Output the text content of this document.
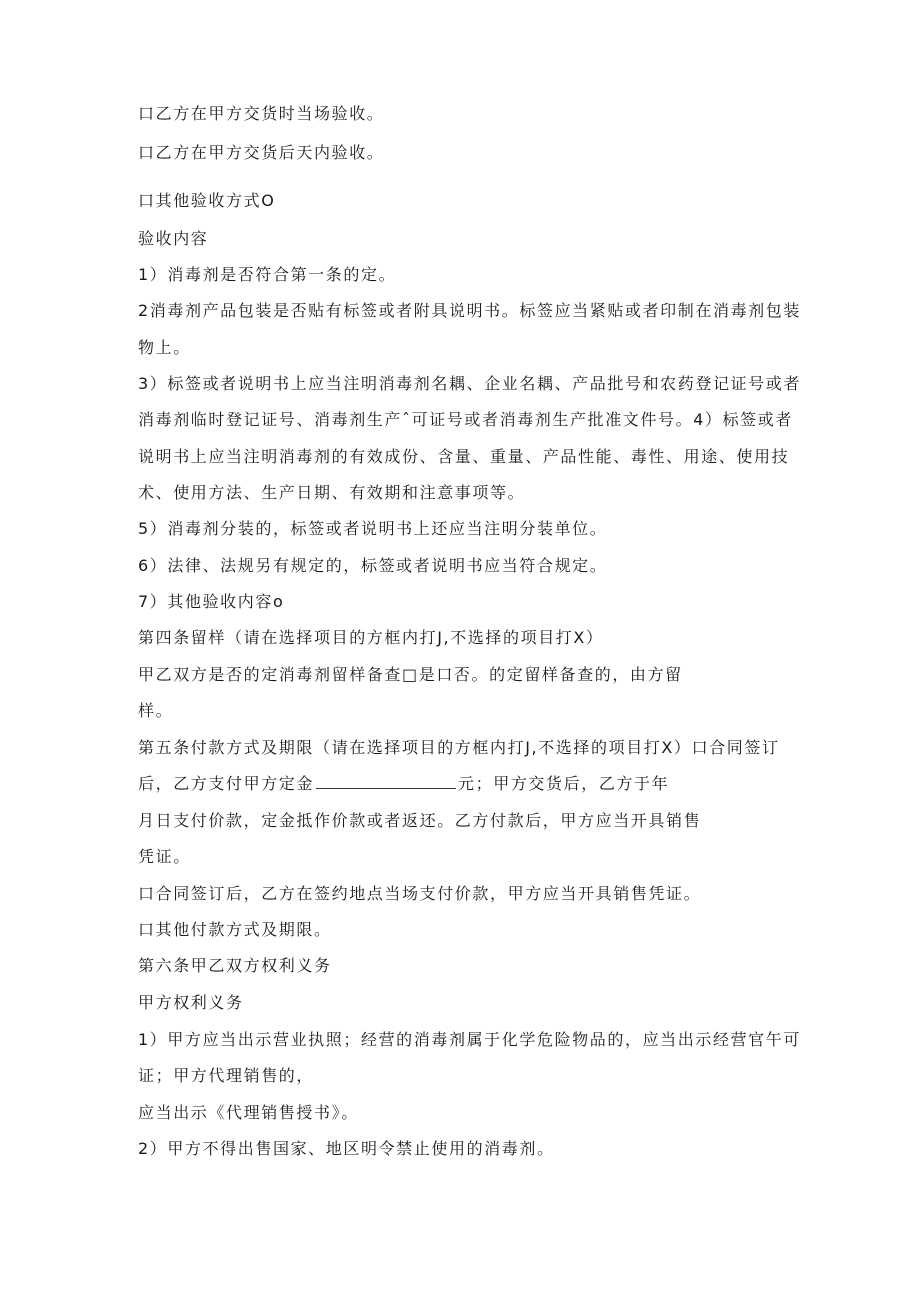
口乙方在甲方交货时当场验收。
口乙方在甲方交货后天内验收。
口其他验收方式O
验收内容
1）消毒剂是否符合第一条的定。
2消毒剂产品包装是否贴有标签或者附具说明书。标签应当紧贴或者印制在消毒剂包装
物上。
3）标签或者说明书上应当注明消毒剂名耦、企业名耦、产品批号和农药登记证号或者
消毒剂临时登记证号、消毒剂生产ˆ可证号或者消毒剂生产批准文件号。4）标签或者
说明书上应当注明消毒剂的有效成份、含量、重量、产品性能、毒性、用途、使用技
术、使用方法、生产日期、有效期和注意事项等。
5）消毒剂分装的，标签或者说明书上还应当注明分装单位。
6）法律、法规另有规定的，标签或者说明书应当符合规定。
7）其他验收内容o
第四条留样（请在选择项目的方框内打J,不选择的项目打X）
甲乙双方是否的定消毒剂留样备查□是口否。的定留样备查的，由方留
样。
第五条付款方式及期限（请在选择项目的方框内打J,不选择的项目打X）口合同签订
后，乙方支付甲方定金	元；甲方交货后，乙方于年
月日支付价款，定金抵作价款或者返还。乙方付款后，甲方应当开具销售
凭证。
口合同签订后，乙方在签约地点当场支付价款，甲方应当开具销售凭证。
口其他付款方式及期限。
第六条甲乙双方权利义务
甲方权利义务
1）甲方应当出示营业执照；经营的消毒剂属于化学危险物品的，应当出示经营官午可
证；甲方代理销售的，
应当出示《代理销售授书》。
2）甲方不得出售国家、地区明令禁止使用的消毒剂。
